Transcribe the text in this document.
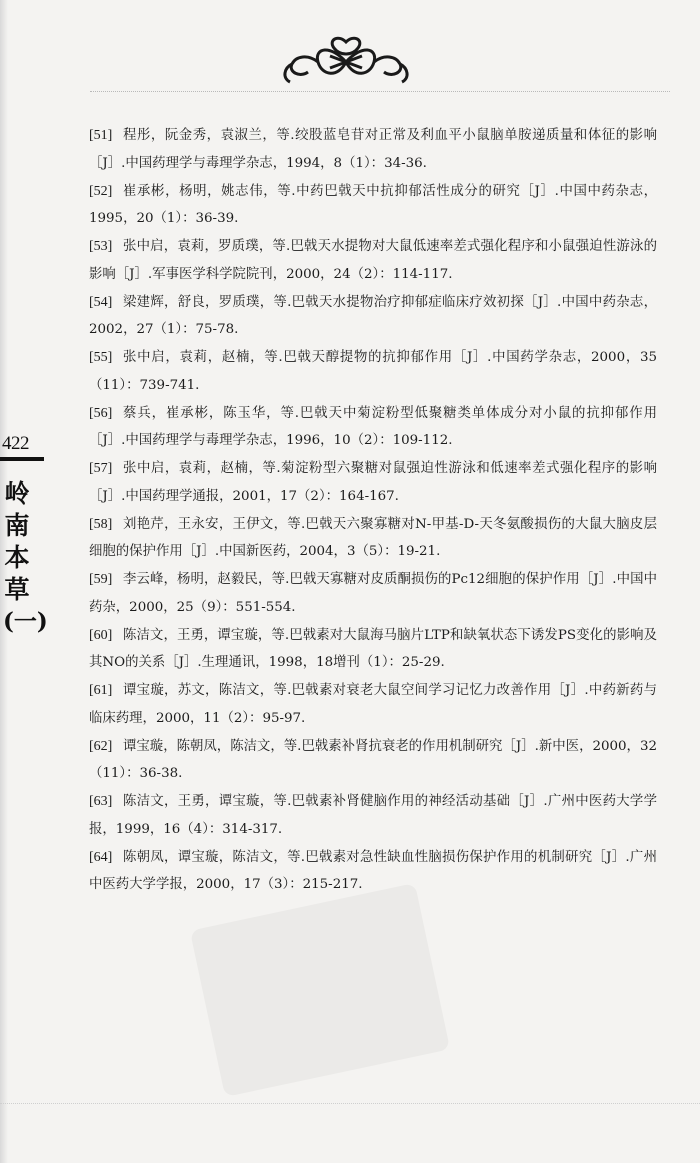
422
岭
南
本
草
(一)
[51] 程彤，阮金秀，袁淑兰，等.绞股蓝皂苷对正常及利血平小鼠脑单胺递质量和体征的影响［J］.中国药理学与毒理学杂志，1994，8（1）：34-36.
[52] 崔承彬，杨明，姚志伟，等.中药巴戟天中抗抑郁活性成分的研究［J］.中国中药杂志，1995，20（1）：36-39.
[53] 张中启，袁莉，罗质璞，等.巴戟天水提物对大鼠低速率差式强化程序和小鼠强迫性游泳的影响［J］.军事医学科学院院刊，2000，24（2）：114-117.
[54] 梁建辉，舒良，罗质璞，等.巴戟天水提物治疗抑郁症临床疗效初探［J］.中国中药杂志，2002，27（1）：75-78.
[55] 张中启，袁莉，赵楠，等.巴戟天醇提物的抗抑郁作用［J］.中国药学杂志，2000，35（11）：739-741.
[56] 蔡兵，崔承彬，陈玉华，等.巴戟天中菊淀粉型低聚糖类单体成分对小鼠的抗抑郁作用［J］.中国药理学与毒理学杂志，1996，10（2）：109-112.
[57] 张中启，袁莉，赵楠，等.菊淀粉型六聚糖对鼠强迫性游泳和低速率差式强化程序的影响［J］.中国药理学通报，2001，17（2）：164-167.
[58] 刘艳芹，王永安，王伊文，等.巴戟天六聚寡糖对N-甲基-D-天冬氨酸损伤的大鼠大脑皮层细胞的保护作用［J］.中国新医药，2004，3（5）：19-21.
[59] 李云峰，杨明，赵毅民，等.巴戟天寡糖对皮质酮损伤的Pc12细胞的保护作用［J］.中国中药杂，2000，25（9）：551-554.
[60] 陈洁文，王勇，谭宝璇，等.巴戟素对大鼠海马脑片LTP和缺氧状态下诱发PS变化的影响及其NO的关系［J］.生理通讯，1998，18增刊（1）：25-29.
[61] 谭宝璇，苏文，陈洁文，等.巴戟素对衰老大鼠空间学习记忆力改善作用［J］.中药新药与临床药理，2000，11（2）：95-97.
[62] 谭宝璇，陈朝凤，陈洁文，等.巴戟素补肾抗衰老的作用机制研究［J］.新中医，2000，32（11）：36-38.
[63] 陈洁文，王勇，谭宝璇，等.巴戟素补肾健脑作用的神经活动基础［J］.广州中医药大学学报，1999，16（4）：314-317.
[64] 陈朝凤，谭宝璇，陈洁文，等.巴戟素对急性缺血性脑损伤保护作用的机制研究［J］.广州中医药大学学报，2000，17（3）：215-217.
